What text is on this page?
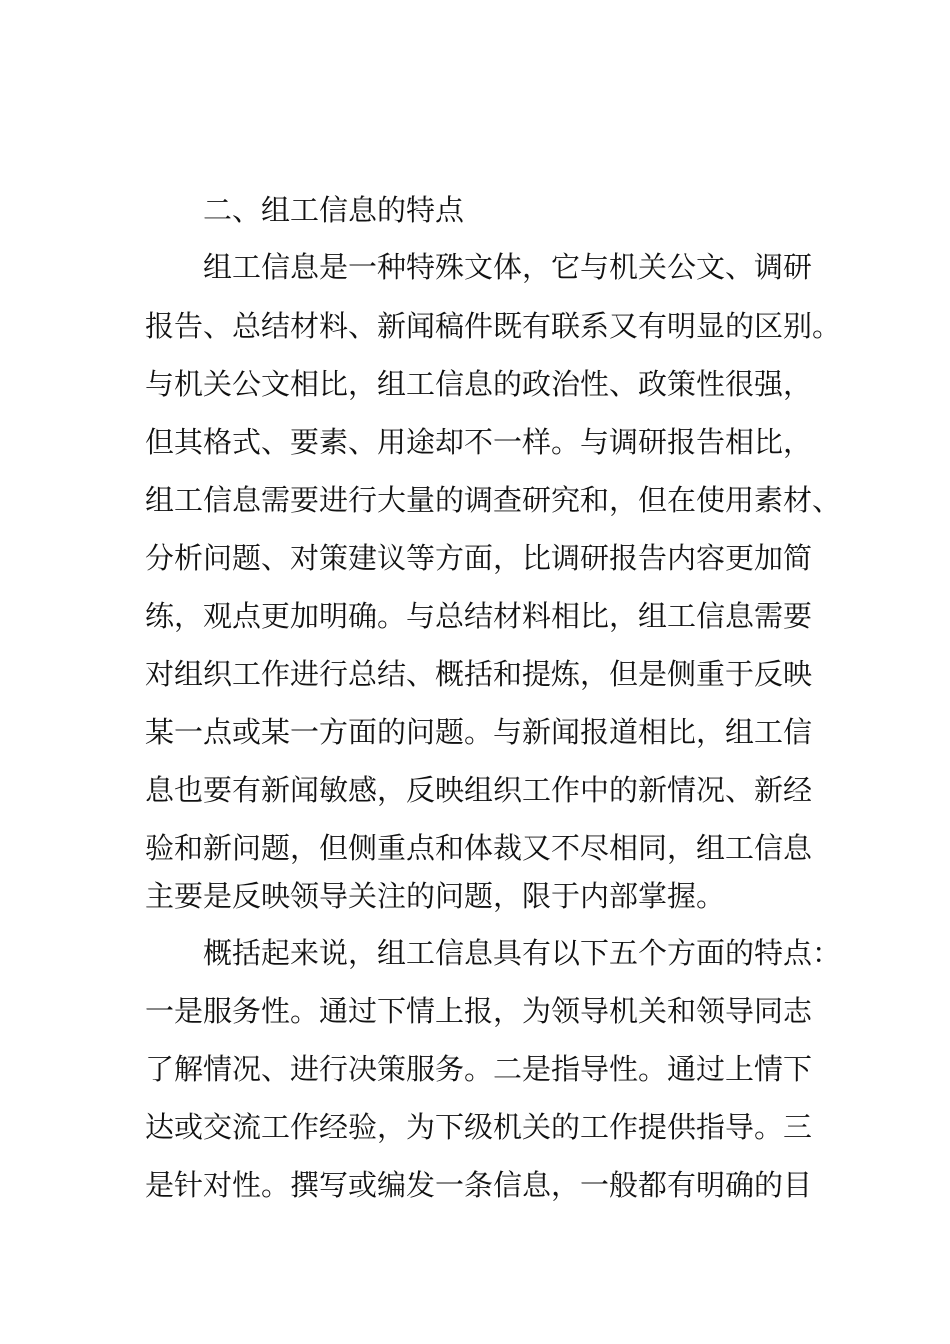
二、组工信息的特点
组工信息是一种特殊文体，它与机关公文、调研
报告、总结材料、新闻稿件既有联系又有明显的区别。
与机关公文相比，组工信息的政治性、政策性很强，
但其格式、要素、用途却不一样。与调研报告相比，
组工信息需要进行大量的调查研究和，但在使用素材、
分析问题、对策建议等方面，比调研报告内容更加简
练，观点更加明确。与总结材料相比，组工信息需要
对组织工作进行总结、概括和提炼，但是侧重于反映
某一点或某一方面的问题。与新闻报道相比，组工信
息也要有新闻敏感，反映组织工作中的新情况、新经
验和新问题，但侧重点和体裁又不尽相同，组工信息
主要是反映领导关注的问题，限于内部掌握。
概括起来说，组工信息具有以下五个方面的特点：
一是服务性。通过下情上报，为领导机关和领导同志
了解情况、进行决策服务。二是指导性。通过上情下
达或交流工作经验，为下级机关的工作提供指导。三
是针对性。撰写或编发一条信息，一般都有明确的目
